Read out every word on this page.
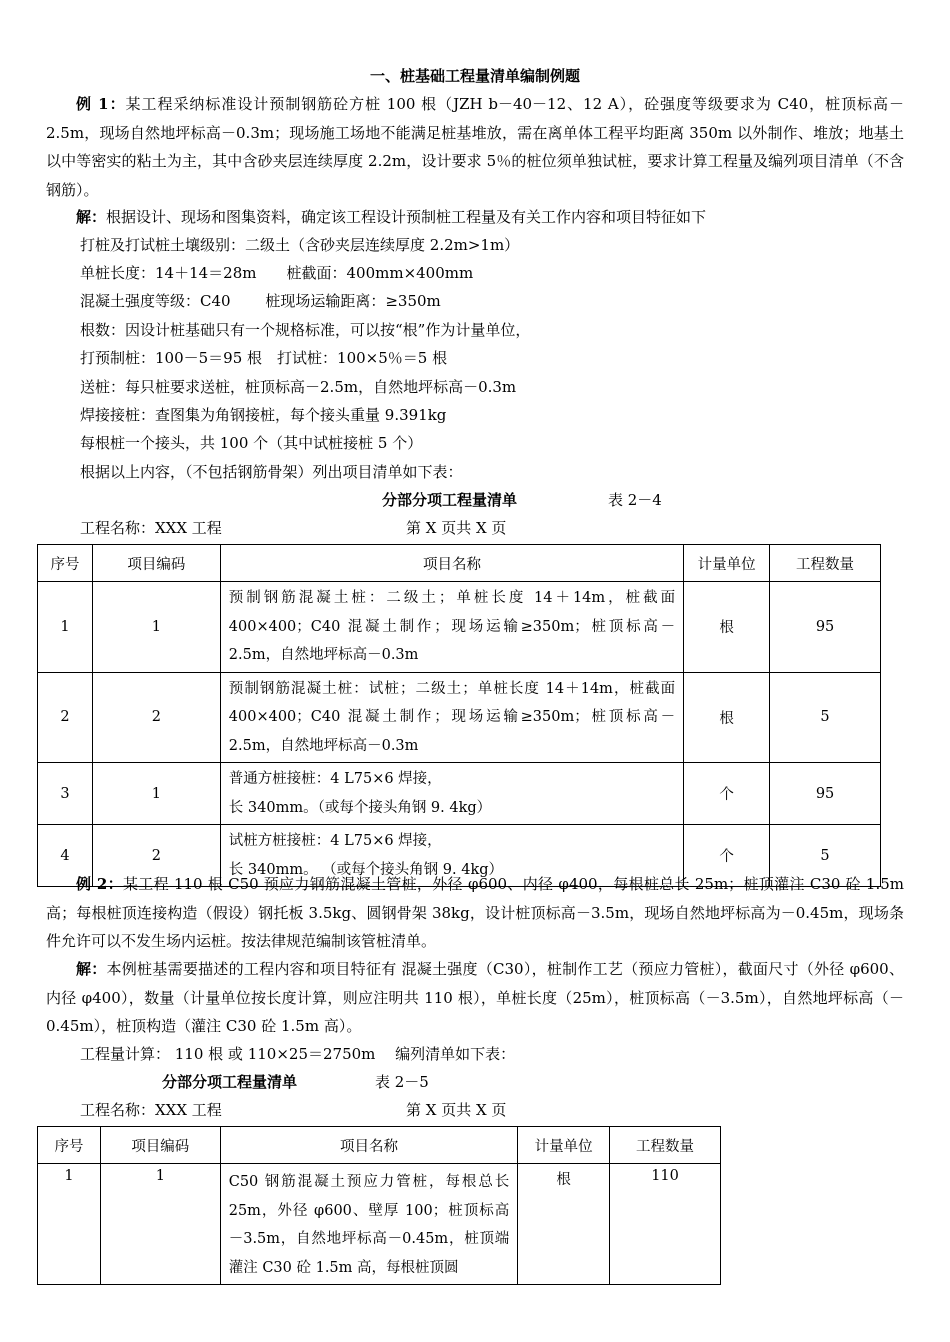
一、桩基础工程量清单编制例题
例 1：某工程采纳标准设计预制钢筋砼方桩 100 根（JZH b－40－12、12 A），砼强度等级要求为 C40，桩顶标高－2.5m，现场自然地坪标高－0.3m；现场施工场地不能满足桩基堆放，需在离单体工程平均距离 350m 以外制作、堆放；地基土以中等密实的粘土为主，其中含砂夹层连续厚度 2.2m，设计要求 5％的桩位须单独试桩，要求计算工程量及编列项目清单（不含钢筋）。
解：根据设计、现场和图集资料，确定该工程设计预制桩工程量及有关工作内容和项目特征如下
打桩及打试桩土壤级别：二级土（含砂夹层连续厚度 2.2m>1m）
单桩长度：14＋14＝28m　　桩截面：400mm×400mm
混凝土强度等级：C40　　 桩现场运输距离：≥350m
根数：因设计桩基础只有一个规格标准，可以按“根”作为计量单位，
打预制桩：100－5＝95 根　打试桩：100×5％＝5 根
送桩：每只桩要求送桩，桩顶标高－2.5m，自然地坪标高－0.3m
焊接接桩：查图集为角钢接桩，每个接头重量 9.391kg
每根桩一个接头，共 100 个（其中试桩接桩 5 个）
根据以上内容，（不包括钢筋骨架）列出项目清单如下表：
分部分项工程量清单	表 2－4
工程名称：XXX 工程	第 X 页共 X 页
序号	项目编码	项目名称	计量单位	工程数量
1	1	预制钢筋混凝土桩：二级土；单桩长度 14＋14m，桩截面 400×400；C40 混凝土制作；现场运输≥350m；桩顶标高－2.5m，自然地坪标高－0.3m	根	95
2	2	预制钢筋混凝土桩：试桩；二级土；单桩长度 14＋14m，桩截面 400×400；C40 混凝土制作；现场运输≥350m；桩顶标高－2.5m，自然地坪标高－0.3m	根	5
3	1	普通方桩接桩：4 L75×6 焊接，
长 340mm。（或每个接头角钢 9. 4kg）	个	95
4	2	试桩方桩接桩：4 L75×6 焊接，
长 340mm。 （或每个接头角钢 9. 4kg）	个	5
例 2：某工程 110 根 C50 预应力钢筋混凝土管桩，外径 φ600、内径 φ400，每根桩总长 25m；桩顶灌注 C30 砼 1.5m 高；每根桩顶连接构造（假设）钢托板 3.5kg、圆钢骨架 38kg，设计桩顶标高－3.5m，现场自然地坪标高为－0.45m，现场条件允许可以不发生场内运桩。按法律规范编制该管桩清单。
解：本例桩基需要描述的工程内容和项目特征有 混凝土强度（C30），桩制作工艺（预应力管桩），截面尺寸（外径 φ600、内径 φ400），数量（计量单位按长度计算，则应注明共 110 根），单桩长度（25m），桩顶标高（－3.5m），自然地坪标高（－0.45m），桩顶构造（灌注 C30 砼 1.5m 高）。
工程量计算： 110 根 或 110×25＝2750m　 编列清单如下表：
分部分项工程量清单	表 2－5
工程名称：XXX 工程	第 X 页共 X 页
序号	项目编码	项目名称	计量单位	工程数量
1	1	C50 钢筋混凝土预应力管桩，每根总长 25m，外径 φ600、壁厚 100；桩顶标高－3.5m，自然地坪标高－0.45m，桩顶端灌注 C30 砼 1.5m 高，每根桩顶圆	根	110
